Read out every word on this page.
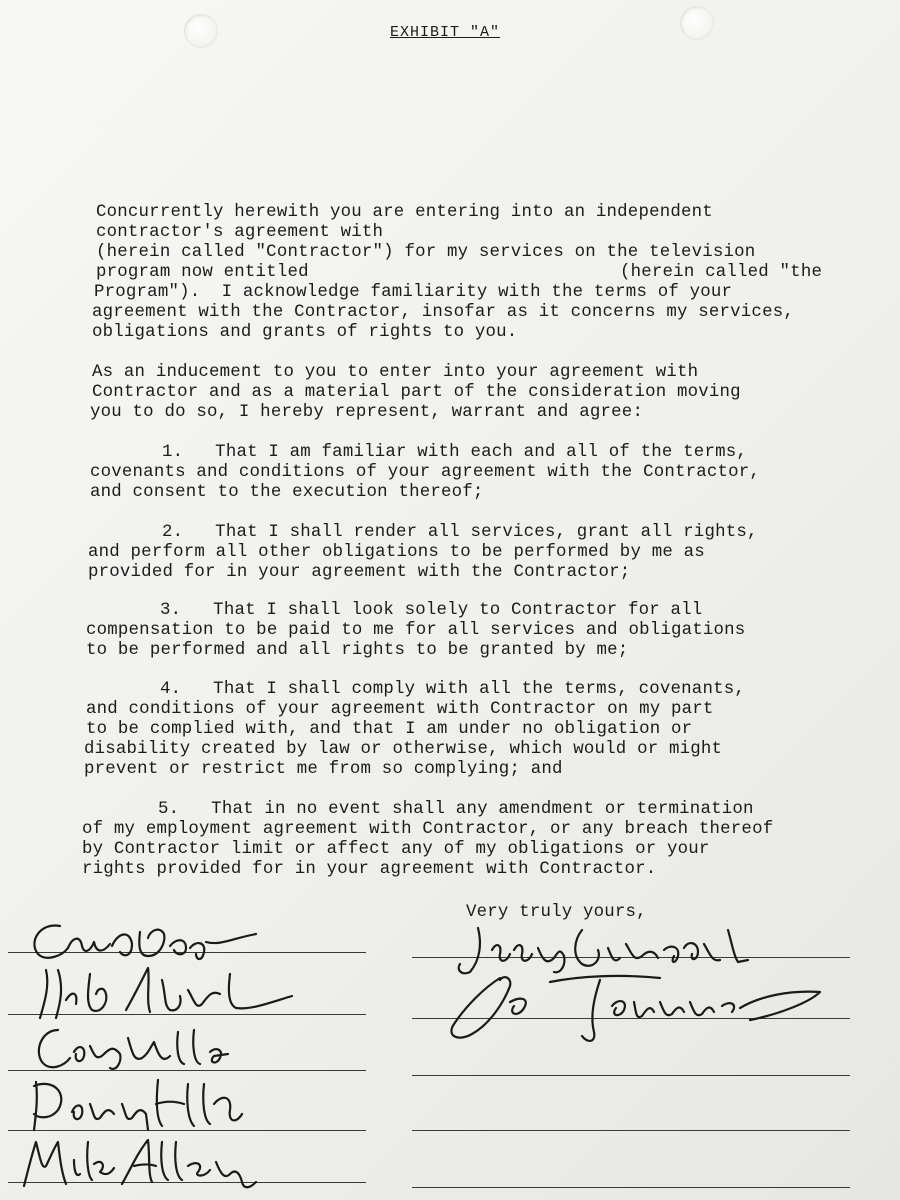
EXHIBIT "A"
Concurrently herewith you are entering into an independent
contractor's agreement with
(herein called "Contractor") for my services on the television
program now entitled	(herein called "the
Program").  I acknowledge familiarity with the terms of your
agreement with the Contractor, insofar as it concerns my services,
obligations and grants of rights to you.
As an inducement to you to enter into your agreement with
Contractor and as a material part of the consideration moving
you to do so, I hereby represent, warrant and agree:
1.   That I am familiar with each and all of the terms,
covenants and conditions of your agreement with the Contractor,
and consent to the execution thereof;
2.   That I shall render all services, grant all rights,
and perform all other obligations to be performed by me as
provided for in your agreement with the Contractor;
3.   That I shall look solely to Contractor for all
compensation to be paid to me for all services and obligations
to be performed and all rights to be granted by me;
4.   That I shall comply with all the terms, covenants,
and conditions of your agreement with Contractor on my part
to be complied with, and that I am under no obligation or
disability created by law or otherwise, which would or might
prevent or restrict me from so complying; and
5.   That in no event shall any amendment or termination
of my employment agreement with Contractor, or any breach thereof
by Contractor limit or affect any of my obligations or your
rights provided for in your agreement with Contractor.
Very truly yours,
